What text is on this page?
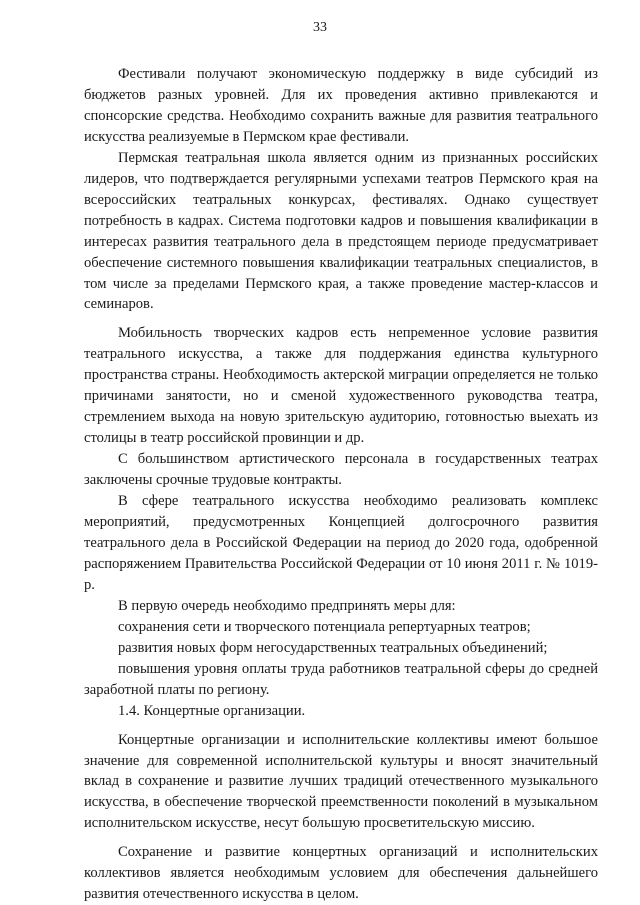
33

Фестивали получают экономическую поддержку в виде субсидий из бюджетов разных уровней. Для их проведения активно привлекаются и спонсорские средства. Необходимо сохранить важные для развития театрального искусства реализуемые в Пермском крае фестивали.

Пермская театральная школа является одним из признанных российских лидеров, что подтверждается регулярными успехами театров Пермского края на всероссийских театральных конкурсах, фестивалях. Однако существует потребность в кадрах. Система подготовки кадров и повышения квалификации в интересах развития театрального дела в предстоящем периоде предусматривает обеспечение системного повышения квалификации театральных специалистов, в том числе за пределами Пермского края, а также проведение мастер-классов и семинаров.

Мобильность творческих кадров есть непременное условие развития театрального искусства, а также для поддержания единства культурного пространства страны. Необходимость актерской миграции определяется не только причинами занятости, но и сменой художественного руководства театра, стремлением выхода на новую зрительскую аудиторию, готовностью выехать из столицы в театр российской провинции и др.

С большинством артистического персонала в государственных театрах заключены срочные трудовые контракты.

В сфере театрального искусства необходимо реализовать комплекс мероприятий, предусмотренных Концепцией долгосрочного развития театрального дела в Российской Федерации на период до 2020 года, одобренной распоряжением Правительства Российской Федерации от 10 июня 2011 г. № 1019-р.

В первую очередь необходимо предпринять меры для:

сохранения сети и творческого потенциала репертуарных театров;

развития новых форм негосударственных театральных объединений;

повышения уровня оплаты труда работников театральной сферы до средней заработной платы по региону.

1.4. Концертные организации.

Концертные организации и исполнительские коллективы имеют большое значение для современной исполнительской культуры и вносят значительный вклад в сохранение и развитие лучших традиций отечественного музыкального искусства, в обеспечение творческой преемственности поколений в музыкальном исполнительском искусстве, несут большую просветительскую миссию.

Сохранение и развитие концертных организаций и исполнительских коллективов является необходимым условием для обеспечения дальнейшего развития отечественного искусства в целом.
